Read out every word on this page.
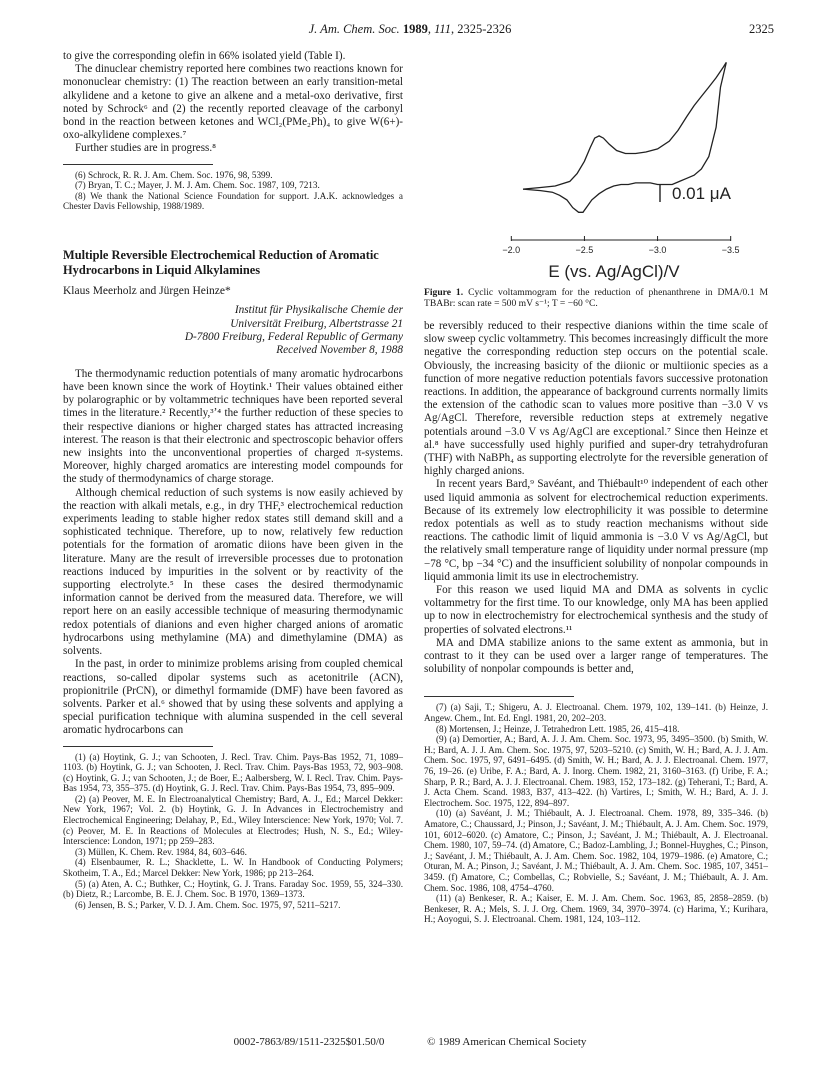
J. Am. Chem. Soc. 1989, 111, 2325-2326	2325

to give the corresponding olefin in 66% isolated yield (Table I).

The dinuclear chemistry reported here combines two reactions known for mononuclear chemistry: (1) The reaction between an early transition-metal alkylidene and a ketone to give an alkene and a metal-oxo derivative, first noted by Schrock⁶ and (2) the recently reported cleavage of the carbonyl bond in the reaction between ketones and WCl₂(PMe₂Ph)₄ to give W(6+)-oxo-alkylidene complexes.⁷

Further studies are in progress.⁸

(6) Schrock, R. R. J. Am. Chem. Soc. 1976, 98, 5399.

(7) Bryan, T. C.; Mayer, J. M. J. Am. Chem. Soc. 1987, 109, 7213.

(8) We thank the National Science Foundation for support. J.A.K. acknowledges a Chester Davis Fellowship, 1988/1989.

Multiple Reversible Electrochemical Reduction of Aromatic Hydrocarbons in Liquid Alkylamines
Klaus Meerholz and Jürgen Heinze*
Institut für Physikalische Chemie der
Universität Freiburg, Albertstrasse 21
D-7800 Freiburg, Federal Republic of Germany
Received November 8, 1988

The thermodynamic reduction potentials of many aromatic hydrocarbons have been known since the work of Hoytink.¹ Their values obtained either by polarographic or by voltammetric techniques have been reported several times in the literature.² Recently,³ʼ⁴ the further reduction of these species to their respective dianions or higher charged states has attracted increasing interest. The reason is that their electronic and spectroscopic behavior offers new insights into the unconventional properties of charged π-systems. Moreover, highly charged aromatics are interesting model compounds for the study of thermodynamics of charge storage.

Although chemical reduction of such systems is now easily achieved by the reaction with alkali metals, e.g., in dry THF,³ electrochemical reduction experiments leading to stable higher redox states still demand skill and a sophisticated technique. Therefore, up to now, relatively few reduction potentials for the formation of aromatic diions have been given in the literature. Many are the result of irreversible processes due to protonation reactions induced by impurities in the solvent or by reactivity of the supporting electrolyte.⁵ In these cases the desired thermodynamic information cannot be derived from the measured data. Therefore, we will report here on an easily accessible technique of measuring thermodynamic redox potentials of dianions and even higher charged anions of aromatic hydrocarbons using methylamine (MA) and dimethylamine (DMA) as solvents.

In the past, in order to minimize problems arising from coupled chemical reactions, so-called dipolar systems such as acetonitrile (ACN), propionitrile (PrCN), or dimethyl formamide (DMF) have been favored as solvents. Parker et al.⁶ showed that by using these solvents and applying a special purification technique with alumina suspended in the cell several aromatic hydrocarbons can

(1) (a) Hoytink, G. J.; van Schooten, J. Recl. Trav. Chim. Pays-Bas 1952, 71, 1089–1103. (b) Hoytink, G. J.; van Schooten, J. Recl. Trav. Chim. Pays-Bas 1953, 72, 903–908. (c) Hoytink, G. J.; van Schooten, J.; de Boer, E.; Aalbersberg, W. I. Recl. Trav. Chim. Pays-Bas 1954, 73, 355–375. (d) Hoytink, G. J. Recl. Trav. Chim. Pays-Bas 1954, 73, 895–909.

(2) (a) Peover, M. E. In Electroanalytical Chemistry; Bard, A. J., Ed.; Marcel Dekker: New York, 1967; Vol. 2. (b) Hoytink, G. J. In Advances in Electrochemistry and Electrochemical Engineering; Delahay, P., Ed., Wiley Interscience: New York, 1970; Vol. 7. (c) Peover, M. E. In Reactions of Molecules at Electrodes; Hush, N. S., Ed.; Wiley-Interscience: London, 1971; pp 259–283.

(3) Müllen, K. Chem. Rev. 1984, 84, 603–646.

(4) Elsenbaumer, R. L.; Shacklette, L. W. In Handbook of Conducting Polymers; Skotheim, T. A., Ed.; Marcel Dekker: New York, 1986; pp 213–264.

(5) (a) Aten, A. C.; Buthker, C.; Hoytink, G. J. Trans. Faraday Soc. 1959, 55, 324–330. (b) Dietz, R.; Larcombe, B. E. J. Chem. Soc. B 1970, 1369–1373.

(6) Jensen, B. S.; Parker, V. D. J. Am. Chem. Soc. 1975, 97, 5211–5217.

−2.0	−2.5	−3.0	−3.5
0.01 μA
E (vs. Ag/AgCl)/V
Figure 1. Cyclic voltammogram for the reduction of phenanthrene in DMA/0.1 M TBABr: scan rate = 500 mV s⁻¹; T = −60 °C.

be reversibly reduced to their respective dianions within the time scale of slow sweep cyclic voltammetry. This becomes increasingly difficult the more negative the corresponding reduction step occurs on the potential scale. Obviously, the increasing basicity of the diionic or multiionic species as a function of more negative reduction potentials favors successive protonation reactions. In addition, the appearance of background currents normally limits the extension of the cathodic scan to values more positive than −3.0 V vs Ag/AgCl. Therefore, reversible reduction steps at extremely negative potentials around −3.0 V vs Ag/AgCl are exceptional.⁷ Since then Heinze et al.⁸ have successfully used highly purified and super-dry tetrahydrofuran (THF) with NaBPh₄ as supporting electrolyte for the reversible generation of highly charged anions.

In recent years Bard,⁹ Savéant, and Thiébault¹⁰ independent of each other used liquid ammonia as solvent for electrochemical reduction experiments. Because of its extremely low electrophilicity it was possible to determine redox potentials as well as to study reaction mechanisms without side reactions. The cathodic limit of liquid ammonia is −3.0 V vs Ag/AgCl, but the relatively small temperature range of liquidity under normal pressure (mp −78 °C, bp −34 °C) and the insufficient solubility of nonpolar compounds in liquid ammonia limit its use in electrochemistry.

For this reason we used liquid MA and DMA as solvents in cyclic voltammetry for the first time. To our knowledge, only MA has been applied up to now in electrochemistry for electrochemical synthesis and the study of properties of solvated electrons.¹¹

MA and DMA stabilize anions to the same extent as ammonia, but in contrast to it they can be used over a larger range of temperatures. The solubility of nonpolar compounds is better and,

(7) (a) Saji, T.; Shigeru, A. J. Electroanal. Chem. 1979, 102, 139–141. (b) Heinze, J. Angew. Chem., Int. Ed. Engl. 1981, 20, 202–203.

(8) Mortensen, J.; Heinze, J. Tetrahedron Lett. 1985, 26, 415–418.

(9) (a) Demortier, A.; Bard, A. J. J. Am. Chem. Soc. 1973, 95, 3495–3500. (b) Smith, W. H.; Bard, A. J. J. Am. Chem. Soc. 1975, 97, 5203–5210. (c) Smith, W. H.; Bard, A. J. J. Am. Chem. Soc. 1975, 97, 6491–6495. (d) Smith, W. H.; Bard, A. J. J. Electroanal. Chem. 1977, 76, 19–26. (e) Uribe, F. A.; Bard, A. J. Inorg. Chem. 1982, 21, 3160–3163. (f) Uribe, F. A.; Sharp, P. R.; Bard, A. J. J. Electroanal. Chem. 1983, 152, 173–182. (g) Teherani, T.; Bard, A. J. Acta Chem. Scand. 1983, B37, 413–422. (h) Vartires, I.; Smith, W. H.; Bard, A. J. J. Electrochem. Soc. 1975, 122, 894–897.

(10) (a) Savéant, J. M.; Thiébault, A. J. Electroanal. Chem. 1978, 89, 335–346. (b) Amatore, C.; Chaussard, J.; Pinson, J.; Savéant, J. M.; Thiébault, A. J. Am. Chem. Soc. 1979, 101, 6012–6020. (c) Amatore, C.; Pinson, J.; Savéant, J. M.; Thiébault, A. J. Electroanal. Chem. 1980, 107, 59–74. (d) Amatore, C.; Badoz-Lambling, J.; Bonnel-Huyghes, C.; Pinson, J.; Savéant, J. M.; Thiébault, A. J. Am. Chem. Soc. 1982, 104, 1979–1986. (e) Amatore, C.; Oturan, M. A.; Pinson, J.; Savéant, J. M.; Thiébault, A. J. Am. Chem. Soc. 1985, 107, 3451–3459. (f) Amatore, C.; Combellas, C.; Robvielle, S.; Savéant, J. M.; Thiébault, A. J. Am. Chem. Soc. 1986, 108, 4754–4760.

(11) (a) Benkeser, R. A.; Kaiser, E. M. J. Am. Chem. Soc. 1963, 85, 2858–2859. (b) Benkeser, R. A.; Mels, S. J. J. Org. Chem. 1969, 34, 3970–3974. (c) Harima, Y.; Kurihara, H.; Aoyogui, S. J. Electroanal. Chem. 1981, 124, 103–112.

0002-7863/89/1511-2325$01.50/0	© 1989 American Chemical Society
